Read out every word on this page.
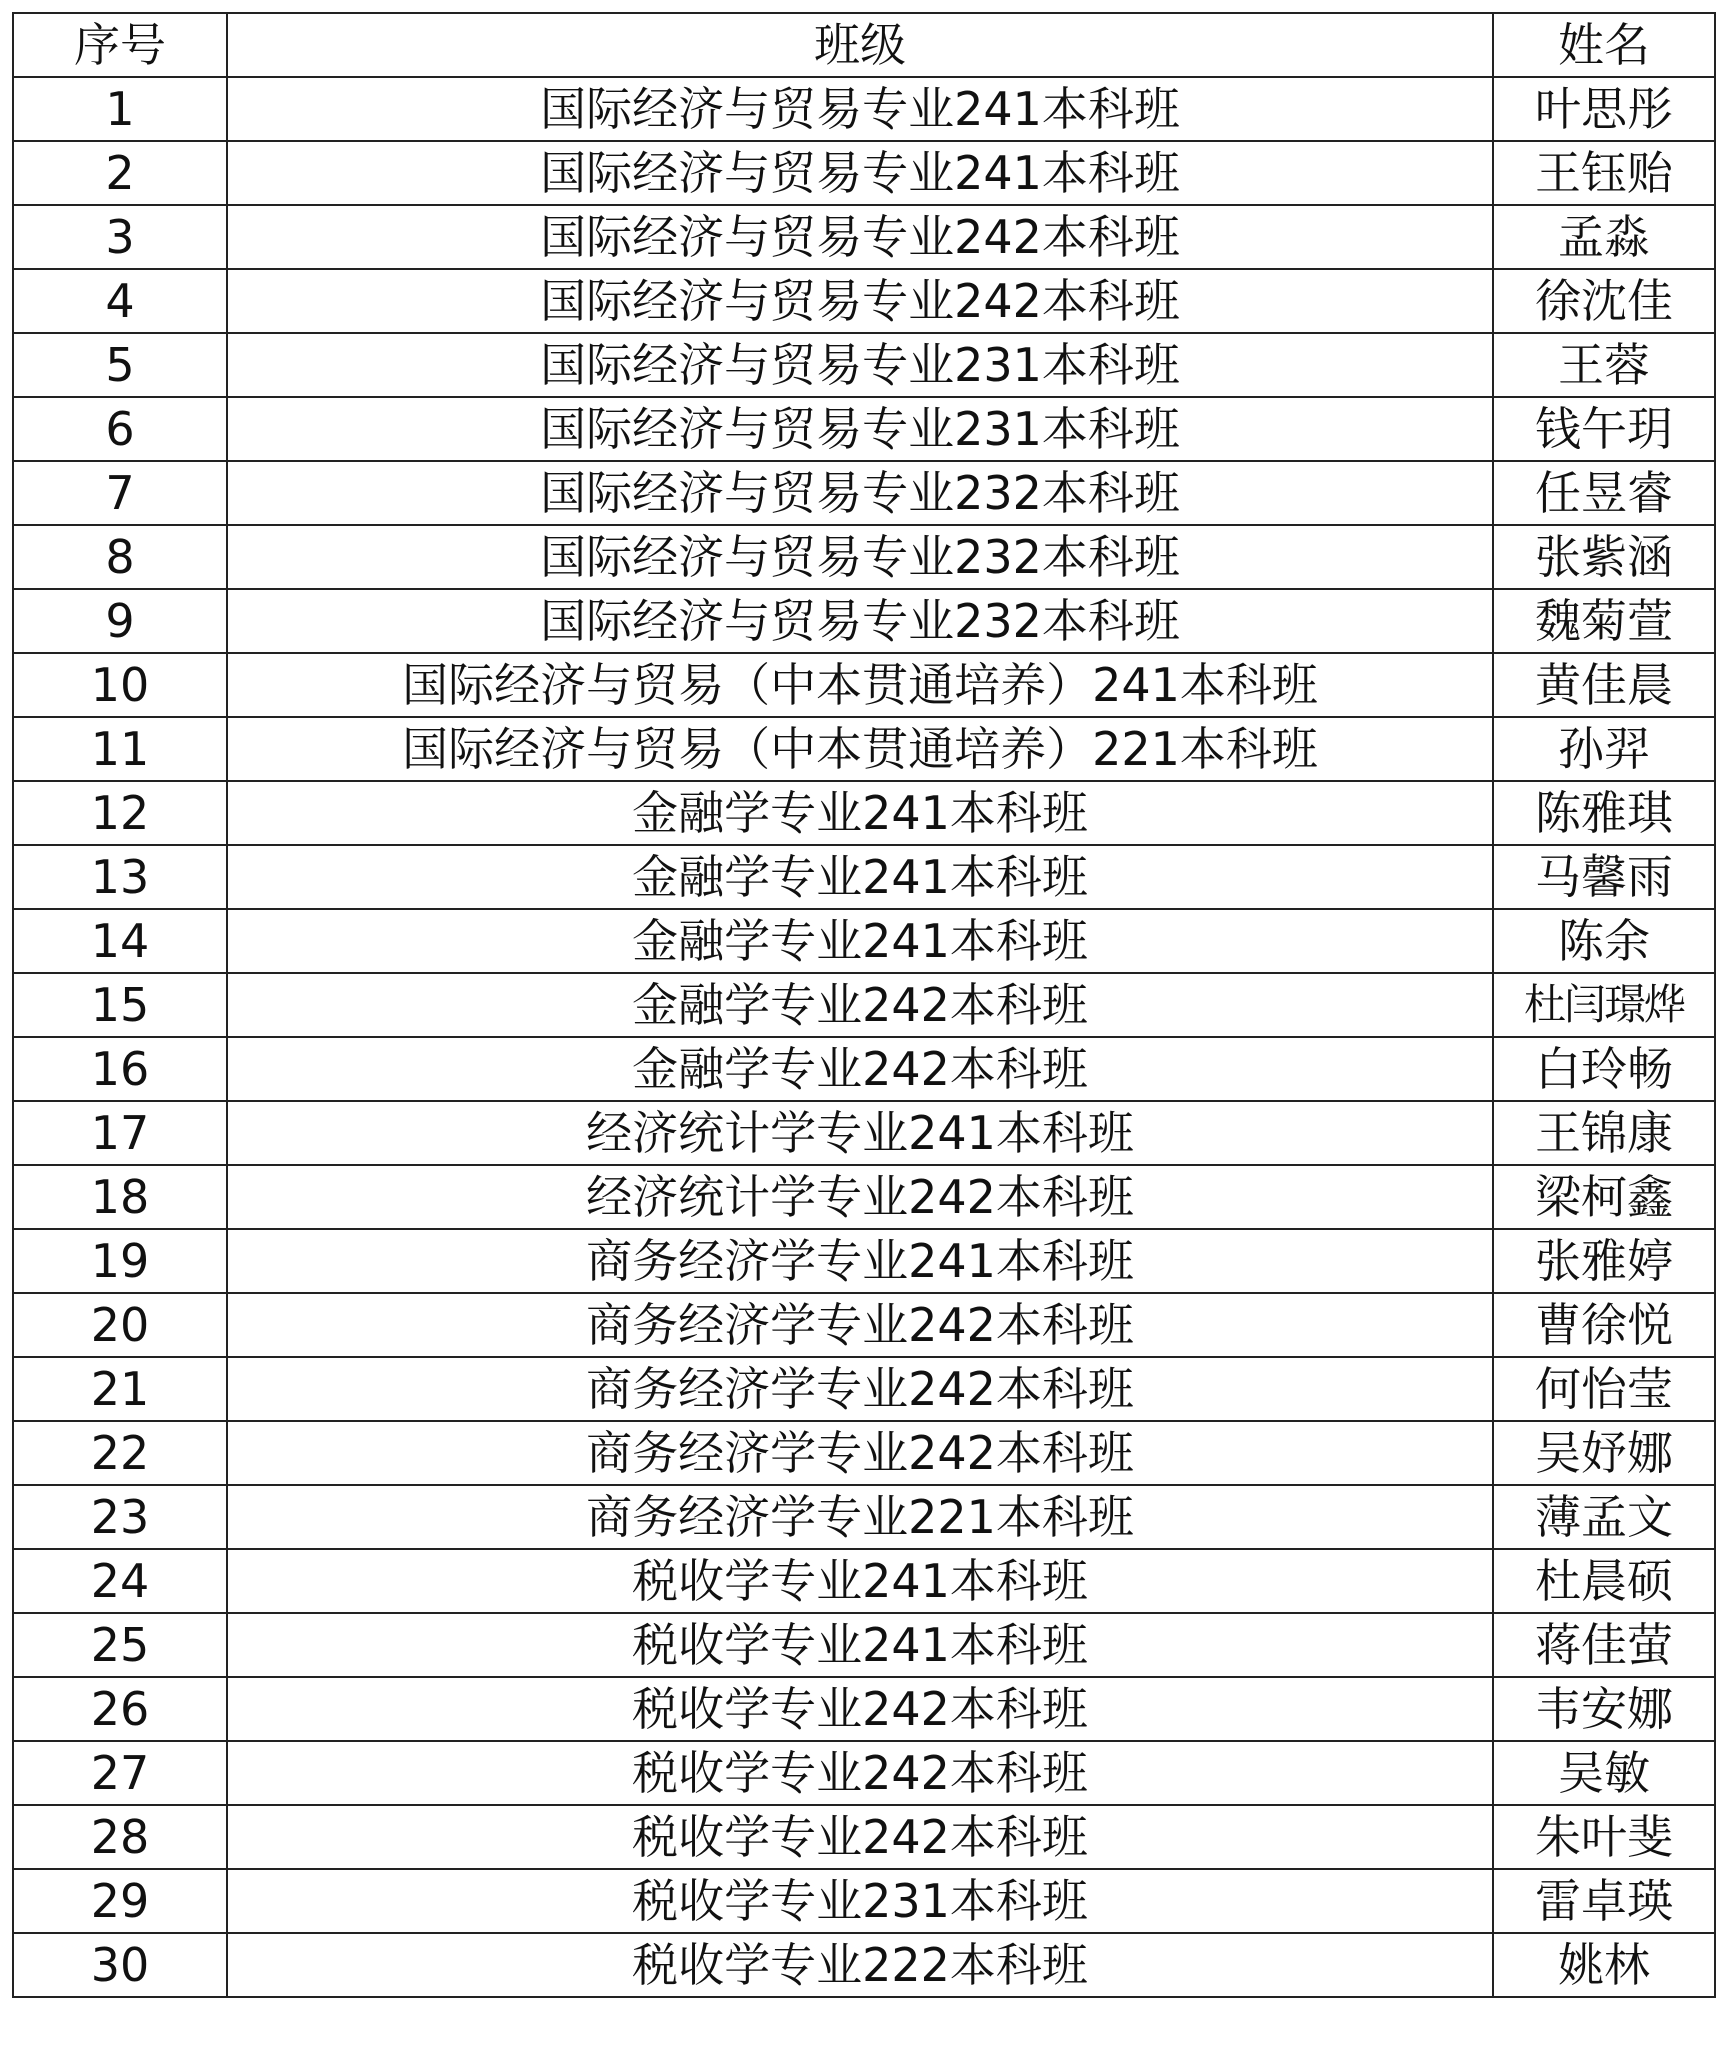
序号	班级	姓名
1	国际经济与贸易专业241本科班	叶思彤
2	国际经济与贸易专业241本科班	王钰贻
3	国际经济与贸易专业242本科班	孟淼
4	国际经济与贸易专业242本科班	徐沈佳
5	国际经济与贸易专业231本科班	王蓉
6	国际经济与贸易专业231本科班	钱午玥
7	国际经济与贸易专业232本科班	任昱睿
8	国际经济与贸易专业232本科班	张紫涵
9	国际经济与贸易专业232本科班	魏菊萱
10	国际经济与贸易（中本贯通培养）241本科班	黄佳晨
11	国际经济与贸易（中本贯通培养）221本科班	孙羿
12	金融学专业241本科班	陈雅琪
13	金融学专业241本科班	马馨雨
14	金融学专业241本科班	陈余
15	金融学专业242本科班	杜闫璟烨
16	金融学专业242本科班	白玲畅
17	经济统计学专业241本科班	王锦康
18	经济统计学专业242本科班	梁柯鑫
19	商务经济学专业241本科班	张雅婷
20	商务经济学专业242本科班	曹徐悦
21	商务经济学专业242本科班	何怡莹
22	商务经济学专业242本科班	吴妤娜
23	商务经济学专业221本科班	薄孟文
24	税收学专业241本科班	杜晨硕
25	税收学专业241本科班	蒋佳萤
26	税收学专业242本科班	韦安娜
27	税收学专业242本科班	吴敏
28	税收学专业242本科班	朱叶斐
29	税收学专业231本科班	雷卓瑛
30	税收学专业222本科班	姚林
